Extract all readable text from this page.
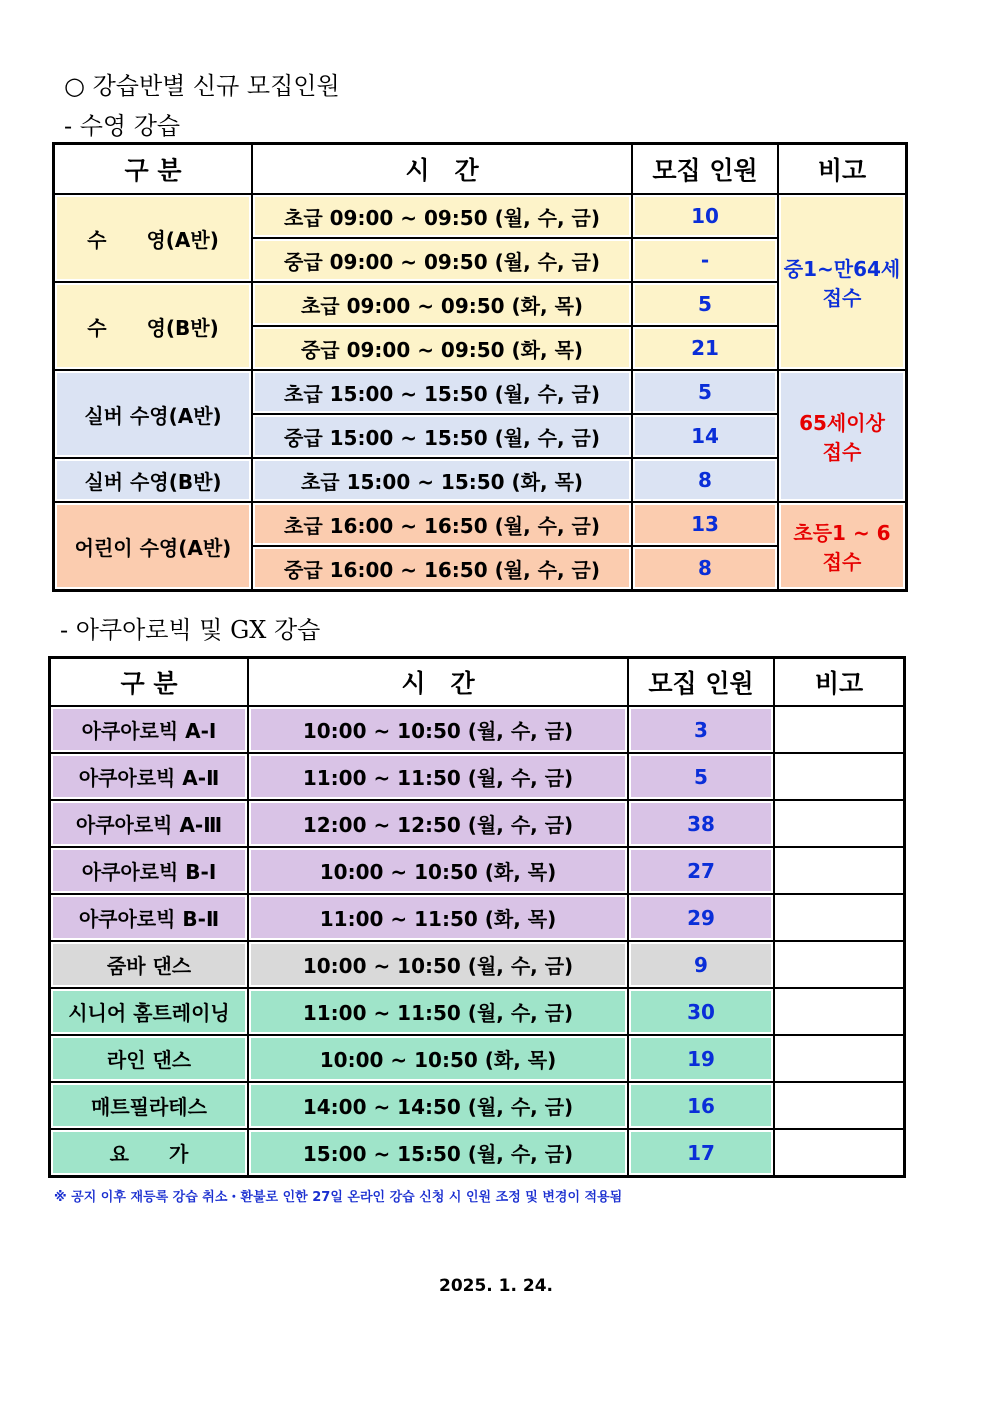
○ 강습반별 신규 모집인원
- 수영 강습
구 분	시　간	모집 인원	비고
수　　영(A반)	초급 09:00 ~ 09:50 (월, 수, 금)	10	중1~만64세
접수

	중급 09:00 ~ 09:50 (월, 수, 금)	-	
수　　영(B반)	초급 09:00 ~ 09:50 (화, 목)	5	
	중급 09:00 ~ 09:50 (화, 목)	21	
실버 수영(A반)	초급 15:00 ~ 15:50 (월, 수, 금)	5	65세이상
접수

	중급 15:00 ~ 15:50 (월, 수, 금)	14	
실버 수영(B반)	초급 15:00 ~ 15:50 (화, 목)	8	
어린이 수영(A반)	초급 16:00 ~ 16:50 (월, 수, 금)	13	초등1 ~ 6
접수

	중급 16:00 ~ 16:50 (월, 수, 금)	8	
- 아쿠아로빅 및 GX 강습
구 분	시　간	모집 인원	비고
아쿠아로빅 A-Ⅰ	10:00 ~ 10:50 (월, 수, 금)	3	
아쿠아로빅 A-Ⅱ	11:00 ~ 11:50 (월, 수, 금)	5	
아쿠아로빅 A-Ⅲ	12:00 ~ 12:50 (월, 수, 금)	38	
아쿠아로빅 B-Ⅰ	10:00 ~ 10:50 (화, 목)	27	
아쿠아로빅 B-Ⅱ	11:00 ~ 11:50 (화, 목)	29	
줌바 댄스	10:00 ~ 10:50 (월, 수, 금)	9	
시니어 홈트레이닝	11:00 ~ 11:50 (월, 수, 금)	30	
라인 댄스	10:00 ~ 10:50 (화, 목)	19	
매트필라테스	14:00 ~ 14:50 (월, 수, 금)	16	
요　　가	15:00 ~ 15:50 (월, 수, 금)	17	
※ 공지 이후 재등록 강습 취소・환불로 인한 27일 온라인 강습 신청 시 인원 조정 및 변경이 적용됨
2025. 1. 24.
